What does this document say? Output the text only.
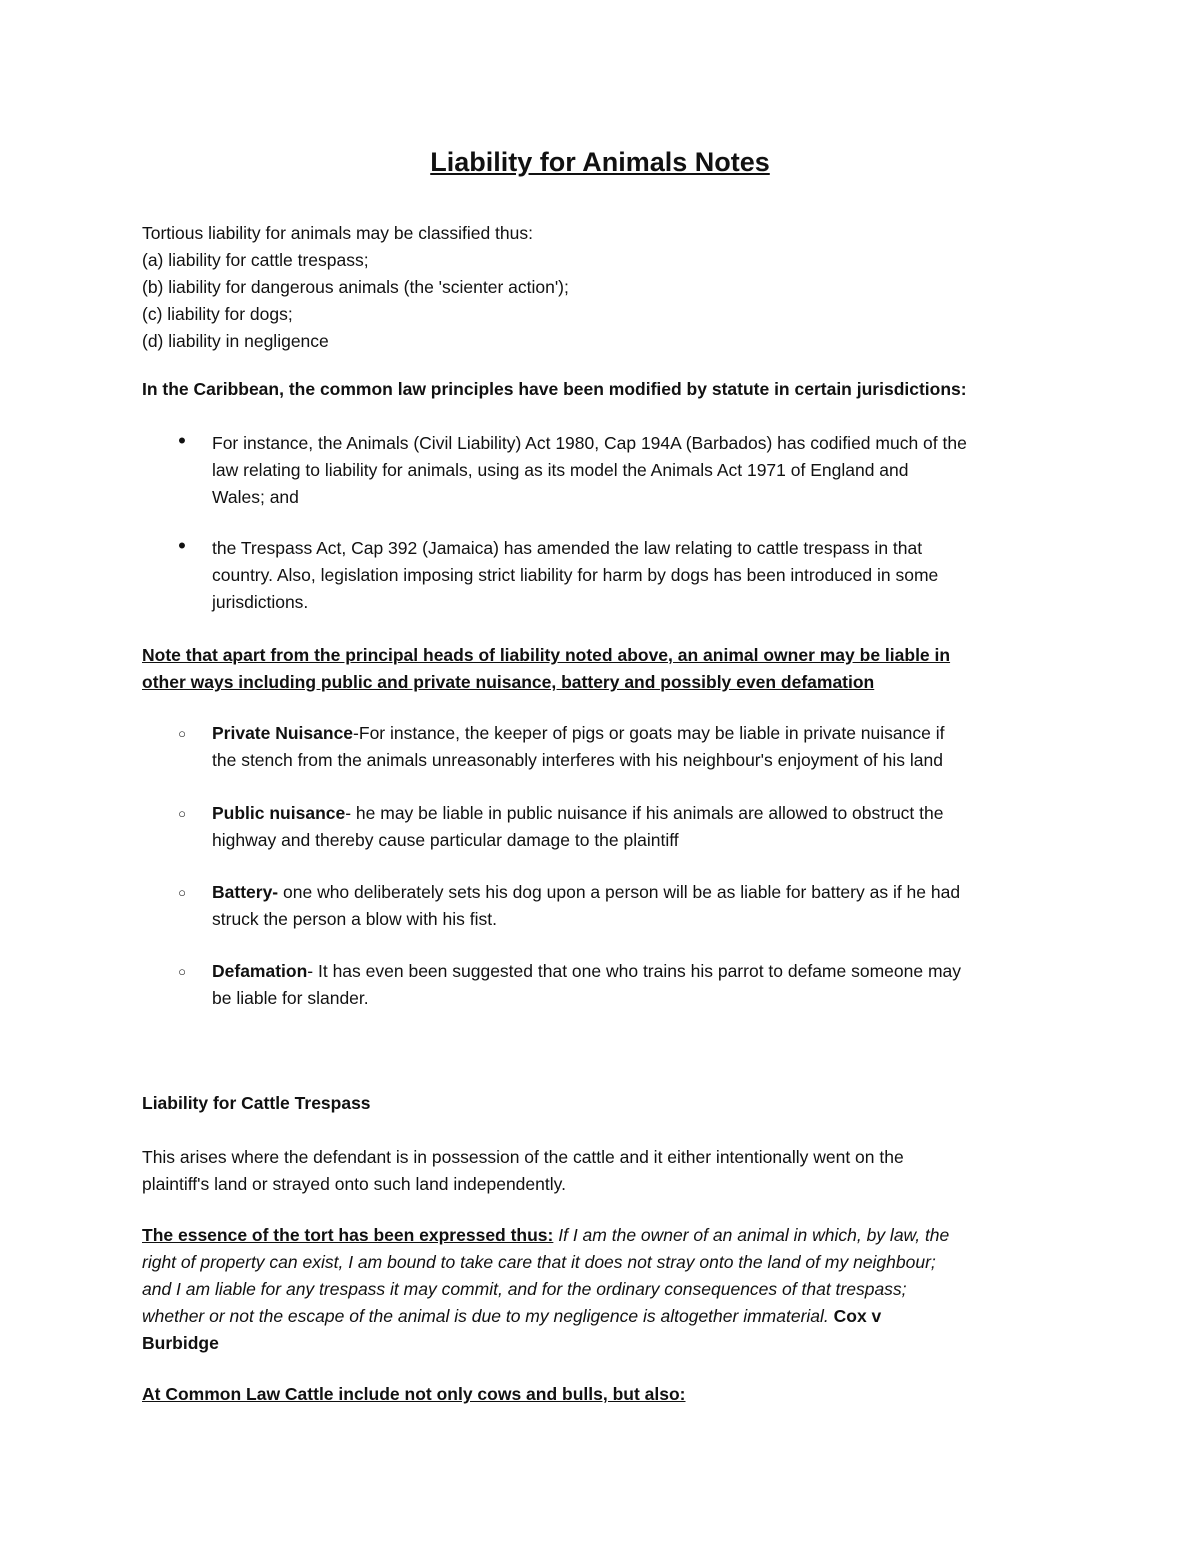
Liability for Animals Notes
Tortious liability for animals may be classified thus:
(a) liability for cattle trespass;
(b) liability for dangerous animals (the 'scienter action');
(c) liability for dogs;
(d) liability in negligence
In the Caribbean, the common law principles have been modified by statute in certain jurisdictions:
•	For instance, the Animals (Civil Liability) Act 1980, Cap 194A (Barbados) has codified much of the
law relating to liability for animals, using as its model the Animals Act 1971 of England and
Wales; and
•	the Trespass Act, Cap 392 (Jamaica) has amended the law relating to cattle trespass in that
country. Also, legislation imposing strict liability for harm by dogs has been introduced in some
jurisdictions.
Note that apart from the principal heads of liability noted above, an animal owner may be liable in
other ways including public and private nuisance, battery and possibly even defamation
○	Private Nuisance-For instance, the keeper of pigs or goats may be liable in private nuisance if
the stench from the animals unreasonably interferes with his neighbour's enjoyment of his land
○	Public nuisance- he may be liable in public nuisance if his animals are allowed to obstruct the
highway and thereby cause particular damage to the plaintiff
○	Battery- one who deliberately sets his dog upon a person will be as liable for battery as if he had
struck the person a blow with his fist.
○	Defamation- It has even been suggested that one who trains his parrot to defame someone may
be liable for slander.
Liability for Cattle Trespass
This arises where the defendant is in possession of the cattle and it either intentionally went on the
plaintiff's land or strayed onto such land independently.
The essence of the tort has been expressed thus: If I am the owner of an animal in which, by law, the
right of property can exist, I am bound to take care that it does not stray onto the land of my neighbour;
and I am liable for any trespass it may commit, and for the ordinary consequences of that trespass;
whether or not the escape of the animal is due to my negligence is altogether immaterial. Cox v
Burbidge
At Common Law Cattle include not only cows and bulls, but also:
